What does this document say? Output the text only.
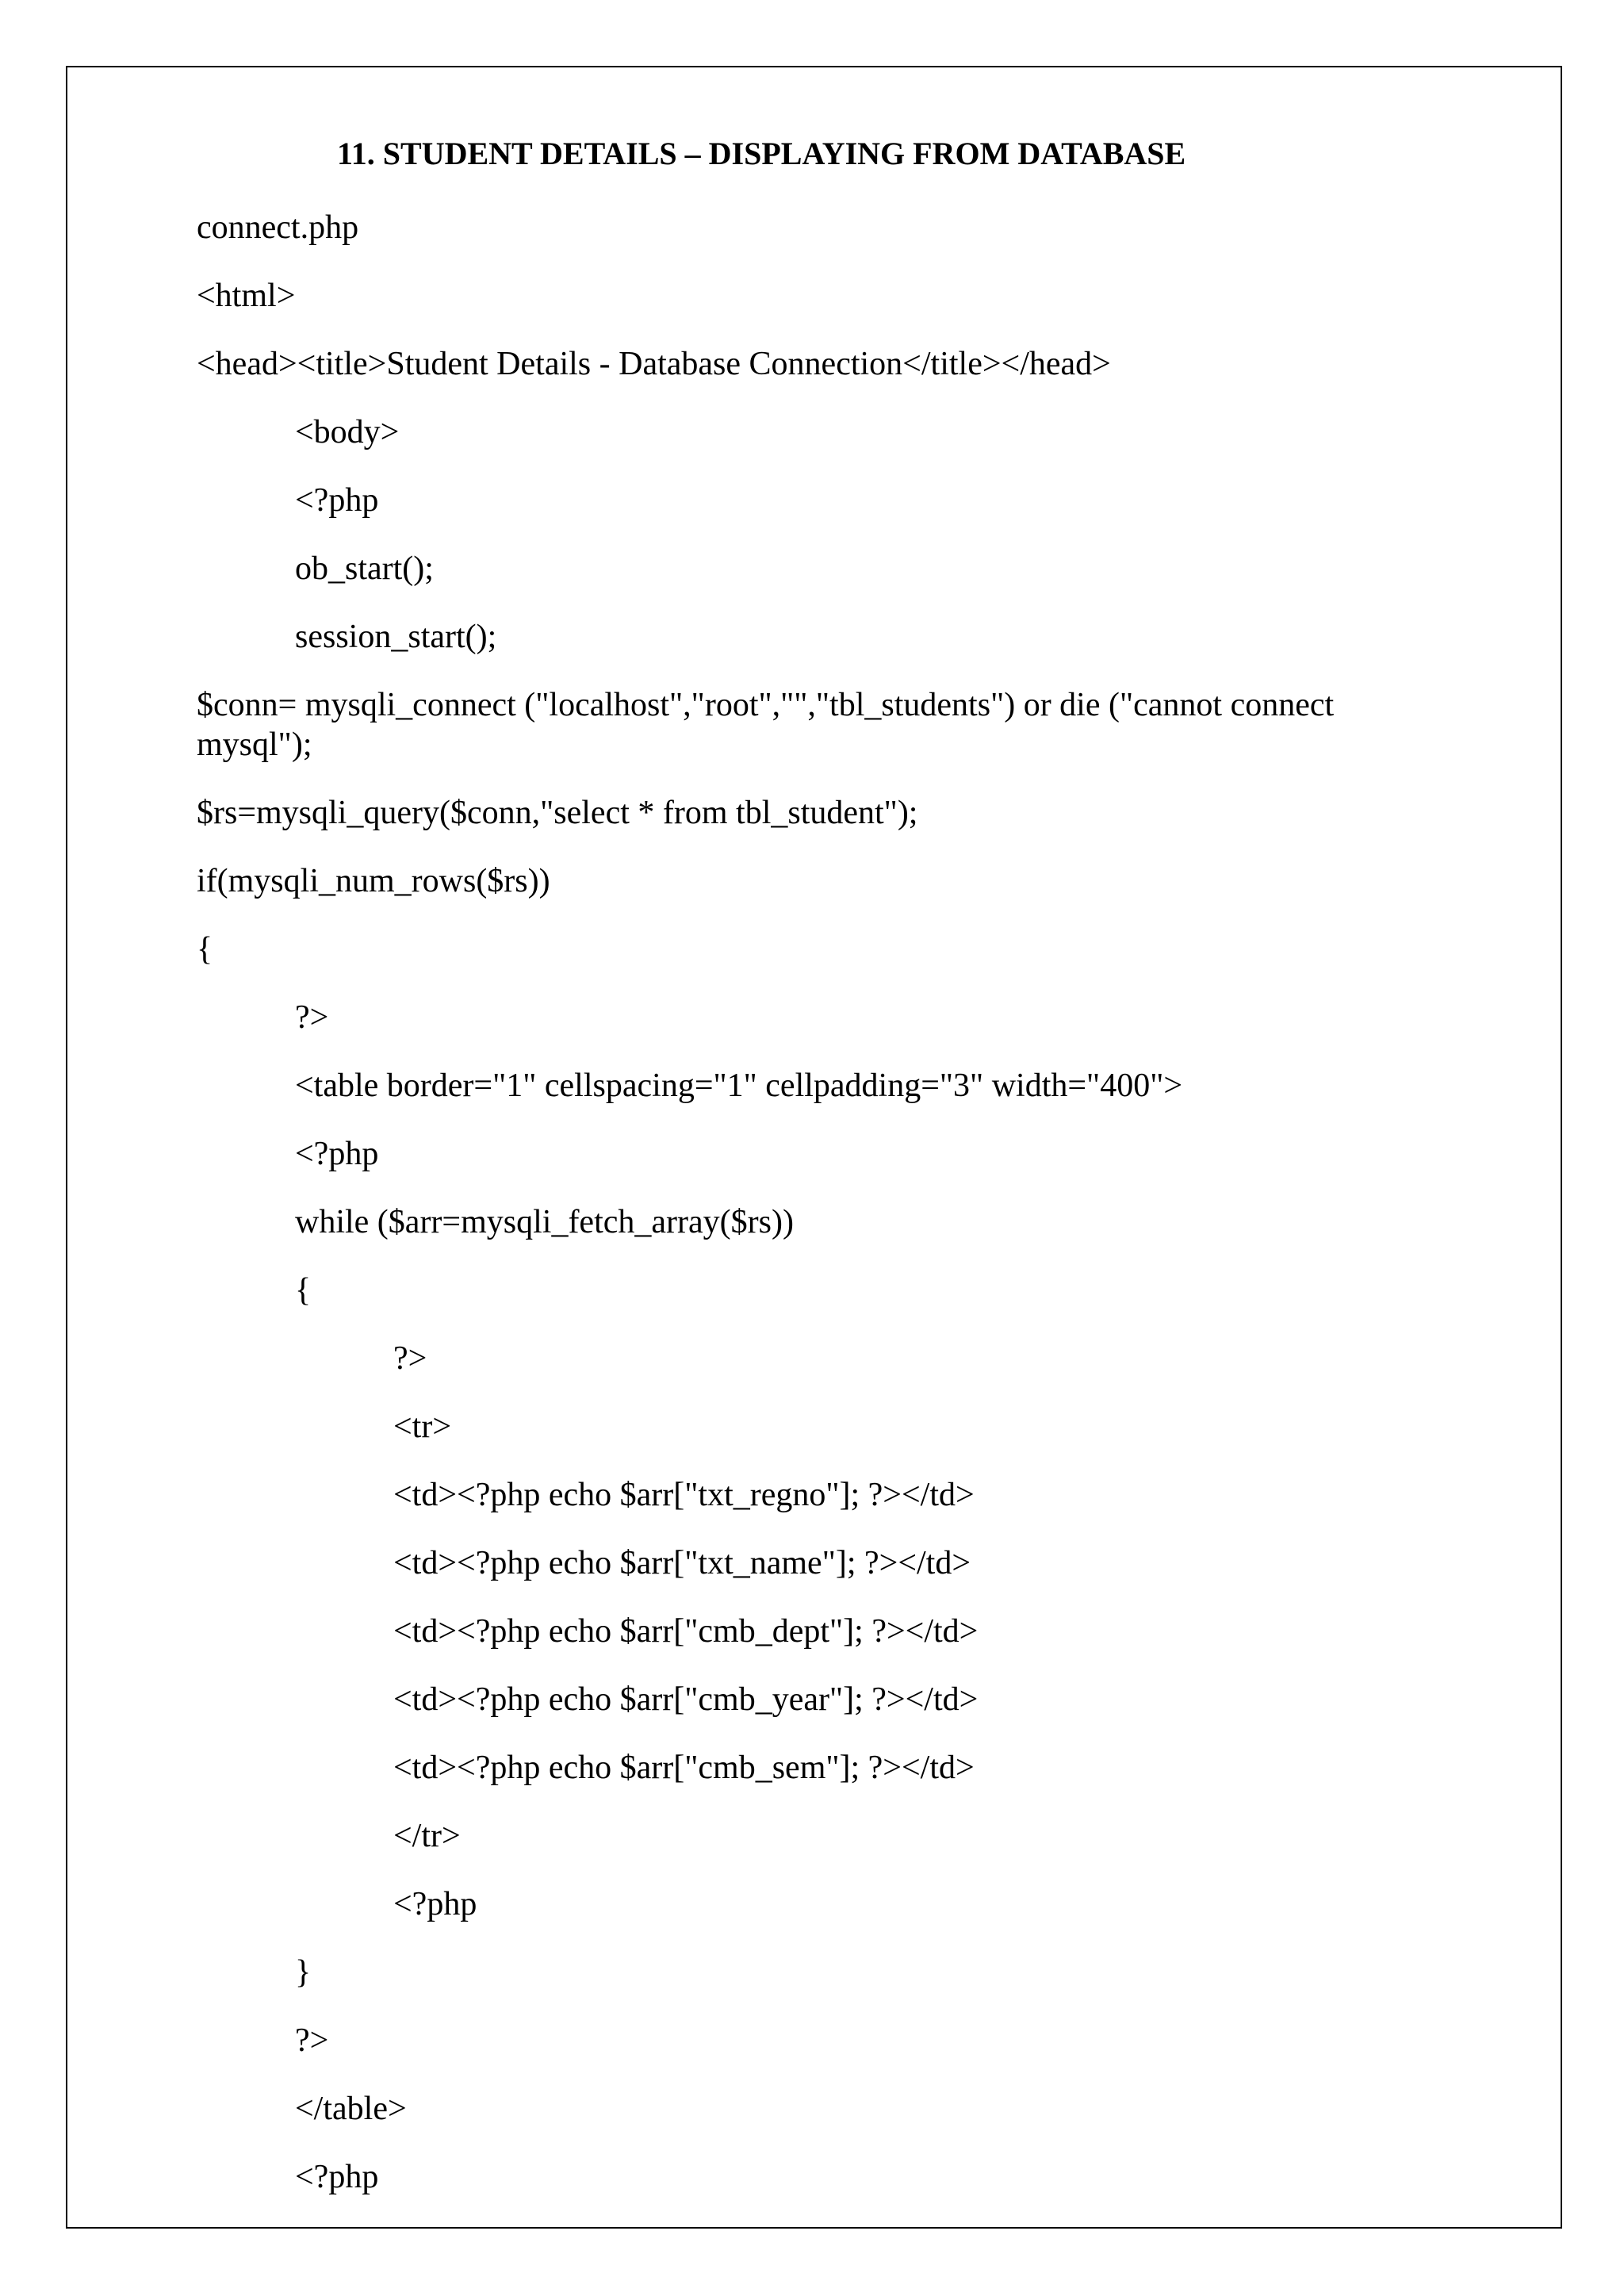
11. STUDENT DETAILS – DISPLAYING FROM DATABASE

connect.php

<html>

<head><title>Student Details - Database Connection</title></head>

<body>

<?php

ob_start();

session_start();

$conn= mysqli_connect ("localhost","root","","tbl_students") or die ("cannot connect mysql");

$rs=mysqli_query($conn,"select * from tbl_student");

if(mysqli_num_rows($rs))

{

?>

<table border="1" cellspacing="1" cellpadding="3" width="400">

<?php

while ($arr=mysqli_fetch_array($rs))

{

?>

<tr>

<td><?php echo $arr["txt_regno"]; ?></td>

<td><?php echo $arr["txt_name"]; ?></td>

<td><?php echo $arr["cmb_dept"]; ?></td>

<td><?php echo $arr["cmb_year"]; ?></td>

<td><?php echo $arr["cmb_sem"]; ?></td>

</tr>

<?php

}

?>

</table>

<?php
